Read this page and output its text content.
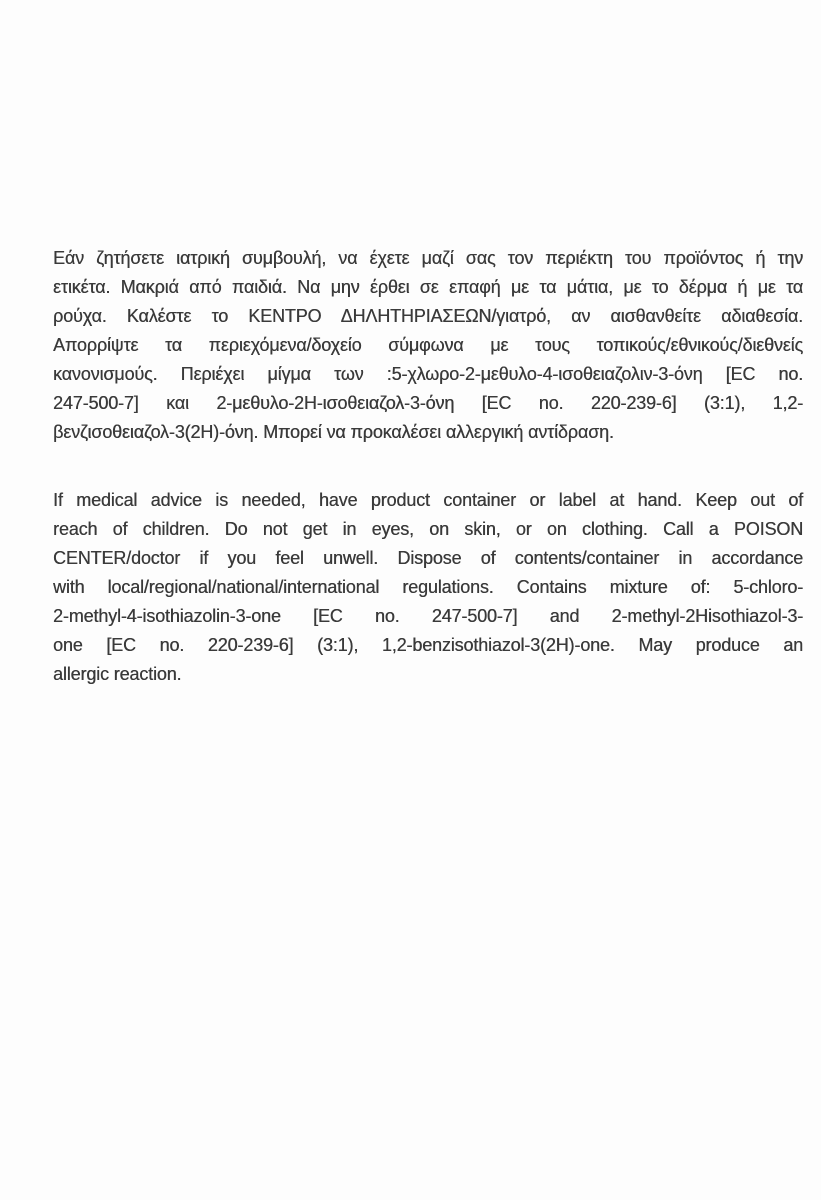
Εάν ζητήσετε ιατρική συμβουλή, να έχετε μαζί σας τον περιέκτη του προϊόντος ή την
ετικέτα. Μακριά από παιδιά. Να μην έρθει σε επαφή με τα μάτια, με το δέρμα ή με τα
ρούχα. Καλέστε το ΚΕΝΤΡΟ ΔΗΛΗΤΗΡΙΑΣΕΩΝ/γιατρό, αν αισθανθείτε αδιαθεσία.
Απορρίψτε τα περιεχόμενα/δοχείο σύμφωνα με τους τοπικούς/εθνικούς/διεθνείς
κανονισμούς. Περιέχει μίγμα των :5-χλωρο-2-μεθυλο-4-ισοθειαζολιν-3-όνη [EC no.
247-500-7] και 2-μεθυλο-2H-ισοθειαζολ-3-όνη [EC no. 220-239-6] (3:1), 1,2-
βενζισοθειαζολ-3(2H)-όνη. Μπορεί να προκαλέσει αλλεργική αντίδραση.
If medical advice is needed, have product container or label at hand. Keep out of
reach of children. Do not get in eyes, on skin, or on clothing. Call a POISON
CENTER/doctor if you feel unwell. Dispose of contents/container in accordance
with local/regional/national/international regulations. Contains mixture of: 5-chloro-
2-methyl-4-isothiazolin-3-one [EC no. 247-500-7] and 2-methyl-2Hisothiazol-3-
one [EC no. 220-239-6] (3:1), 1,2-benzisothiazol-3(2H)-one. May produce an
allergic reaction.
